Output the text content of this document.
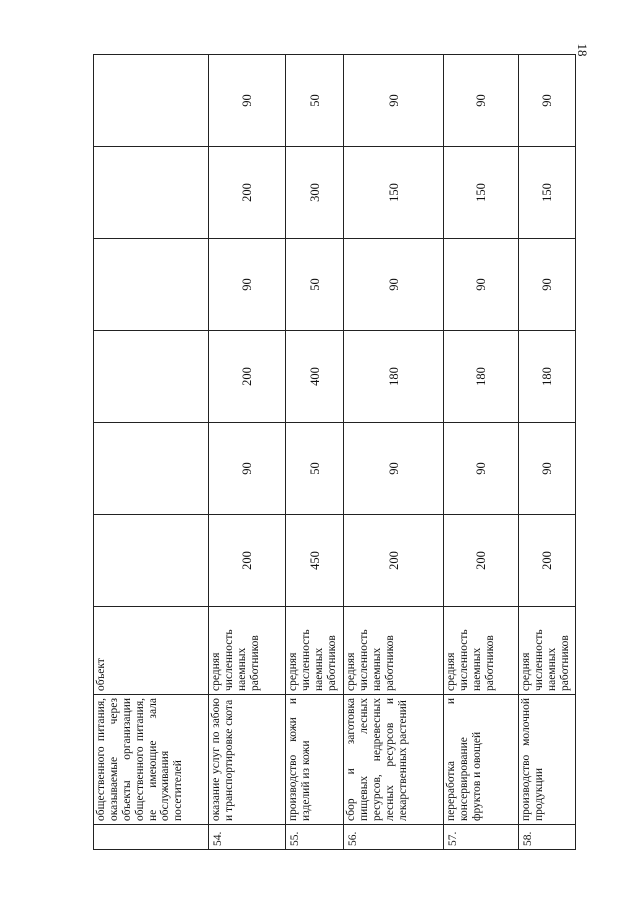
18
	общественного питания, оказываемые через объекты организации общественного питания, не имеющие зала обслуживания посетителей	объект						
54.	оказание услуг по забою и транспортировке скота	средняя численность наемных работников	200	90	200	90	200	90
55.	производство кожи и изделий из кожи	средняя численность наемных работников	450	50	400	50	300	50
56.	сбор и заготовка пищевых лесных ресурсов, недревесных лесных ресурсов и лекарственных растений	средняя численность наемных работников	200	90	180	90	150	90
57.	переработка и консервирование фруктов и овощей	средняя численность наемных работников	200	90	180	90	150	90
58.	производство молочной продукции	средняя численность наемных работников	200	90	180	90	150	90
